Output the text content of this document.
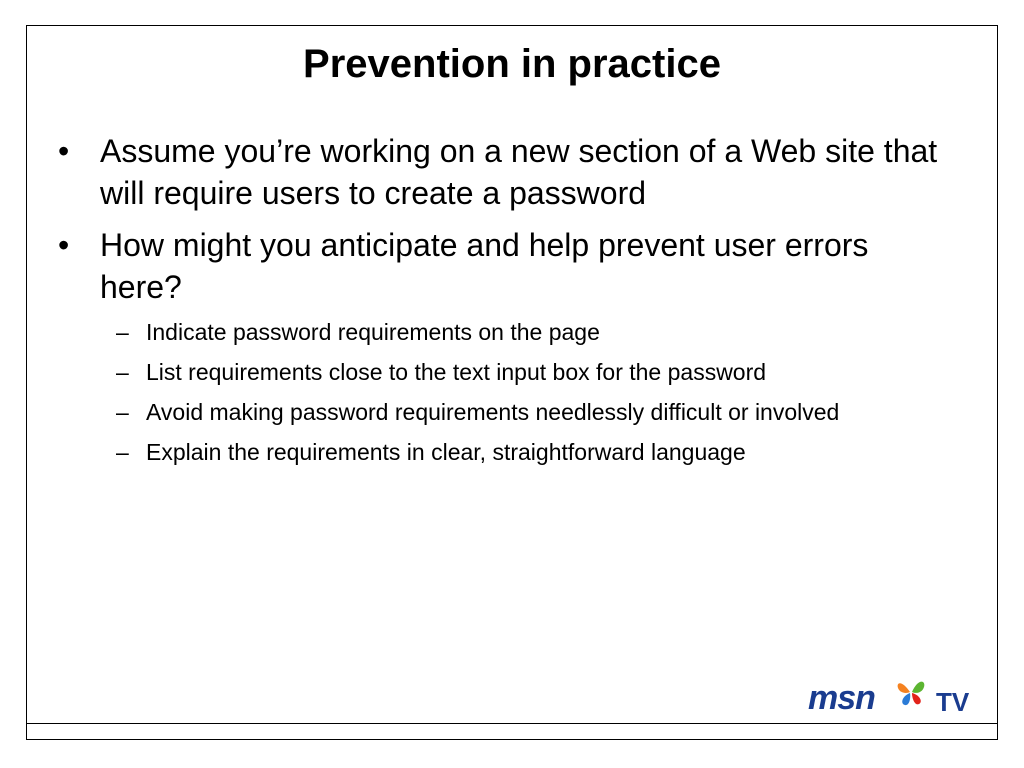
Prevention in practice
• Assume you’re working on a new section of a Web site that will require users to create a password
• How might you anticipate and help prevent user errors here?
– Indicate password requirements on the page
– List requirements close to the text input box for the password
– Avoid making password requirements needlessly difficult or involved
– Explain the requirements in clear, straightforward language
msn TV
